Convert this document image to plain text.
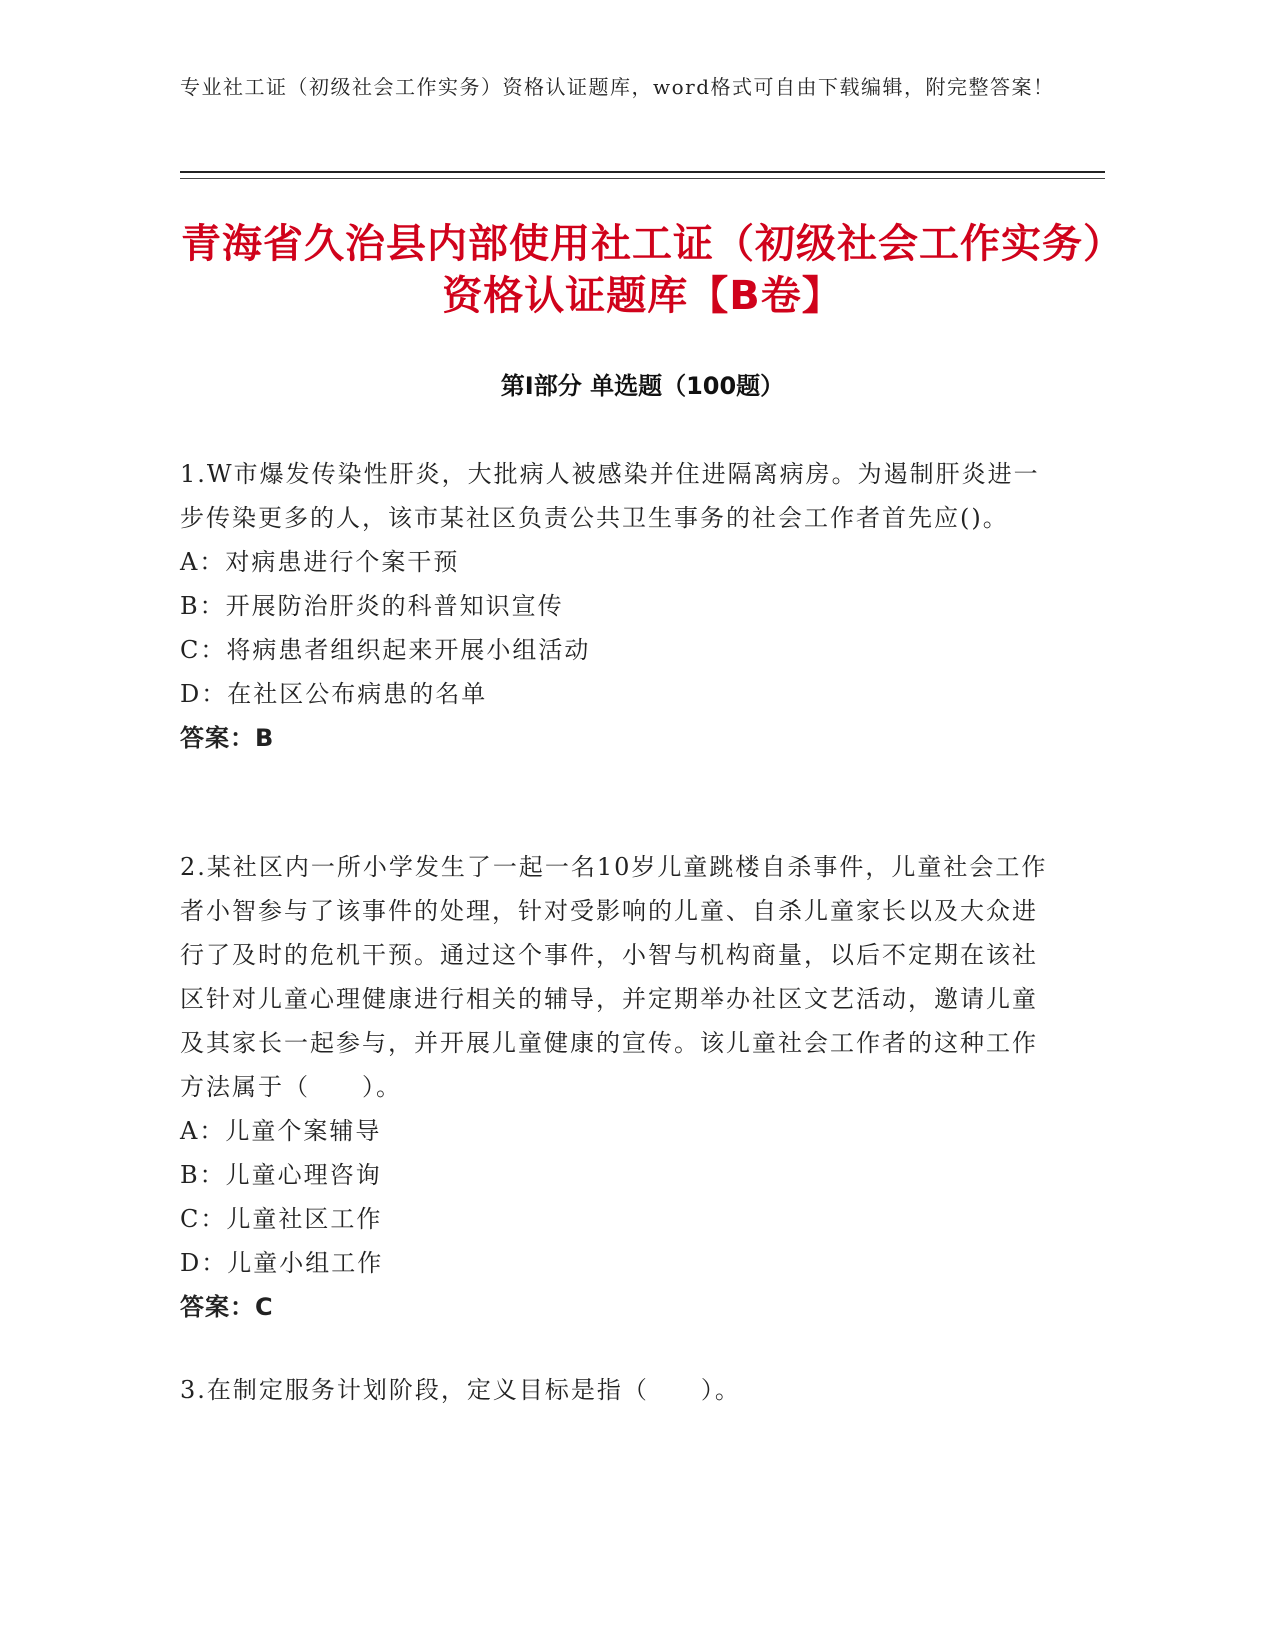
专业社工证（初级社会工作实务）资格认证题库，word格式可自由下载编辑，附完整答案！
青海省久治县内部使用社工证（初级社会工作实务）资格认证题库【B卷】
第Ⅰ部分 单选题（100题）

1.W市爆发传染性肝炎，大批病人被感染并住进隔离病房。为遏制肝炎进一步传染更多的人，该市某社区负责公共卫生事务的社会工作者首先应()。

A：对病患进行个案干预

B：开展防治肝炎的科普知识宣传

C：将病患者组织起来开展小组活动

D：在社区公布病患的名单

答案：B

2.某社区内一所小学发生了一起一名10岁儿童跳楼自杀事件，儿童社会工作者小智参与了该事件的处理，针对受影响的儿童、自杀儿童家长以及大众进行了及时的危机干预。通过这个事件，小智与机构商量，以后不定期在该社区针对儿童心理健康进行相关的辅导，并定期举办社区文艺活动，邀请儿童及其家长一起参与，并开展儿童健康的宣传。该儿童社会工作者的这种工作方法属于（　　）。

A：儿童个案辅导

B：儿童心理咨询

C：儿童社区工作

D：儿童小组工作

答案：C

3.在制定服务计划阶段，定义目标是指（　　）。
